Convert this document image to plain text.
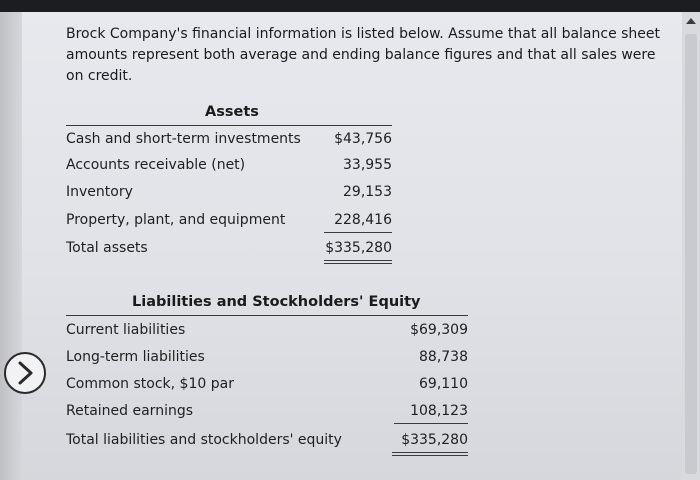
Brock Company's financial information is listed below. Assume that all balance sheet amounts represent both average and ending balance figures and that all sales were on credit.

Assets
Cash and short-term investments	$43,756
Accounts receivable (net)	33,955
Inventory	29,153
Property, plant, and equipment	228,416
Total assets	$335,280
Liabilities and Stockholders' Equity
Current liabilities	$69,309
Long-term liabilities	88,738
Common stock, $10 par	69,110
Retained earnings	108,123
Total liabilities and stockholders' equity	$335,280
